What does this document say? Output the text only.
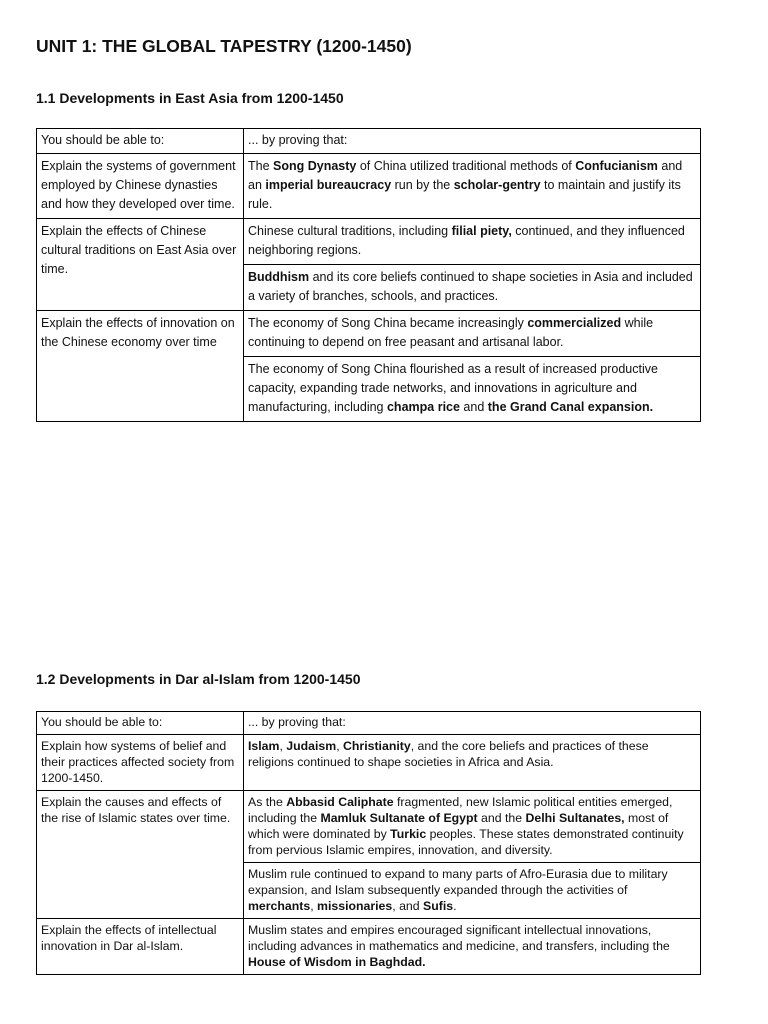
UNIT 1: THE GLOBAL TAPESTRY (1200-1450)
1.1 Developments in East Asia from 1200-1450
You should be able to:	... by proving that:
Explain the systems of government employed by Chinese dynasties and how they developed over time.	The Song Dynasty of China utilized traditional methods of Confucianism and an imperial bureaucracy run by the scholar-gentry to maintain and justify its rule.
Explain the effects of Chinese cultural traditions on East Asia over time.	Chinese cultural traditions, including filial piety, continued, and they influenced neighboring regions.
	Buddhism and its core beliefs continued to shape societies in Asia and included a variety of branches, schools, and practices.
Explain the effects of innovation on the Chinese economy over time	The economy of Song China became increasingly commercialized while continuing to depend on free peasant and artisanal labor.
	The economy of Song China flourished as a result of increased productive capacity, expanding trade networks, and innovations in agriculture and manufacturing, including champa rice and the Grand Canal expansion.
1.2 Developments in Dar al-Islam from 1200-1450
You should be able to:	... by proving that:
Explain how systems of belief and their practices affected society from 1200-1450.	Islam, Judaism, Christianity, and the core beliefs and practices of these religions continued to shape societies in Africa and Asia.
Explain the causes and effects of the rise of Islamic states over time.	As the Abbasid Caliphate fragmented, new Islamic political entities emerged, including the Mamluk Sultanate of Egypt and the Delhi Sultanates, most of which were dominated by Turkic peoples. These states demonstrated continuity from pervious Islamic empires, innovation, and diversity.
	Muslim rule continued to expand to many parts of Afro-Eurasia due to military expansion, and Islam subsequently expanded through the activities of merchants, missionaries, and Sufis.
Explain the effects of intellectual innovation in Dar al-Islam.	Muslim states and empires encouraged significant intellectual innovations, including advances in mathematics and medicine, and transfers, including the House of Wisdom in Baghdad.
